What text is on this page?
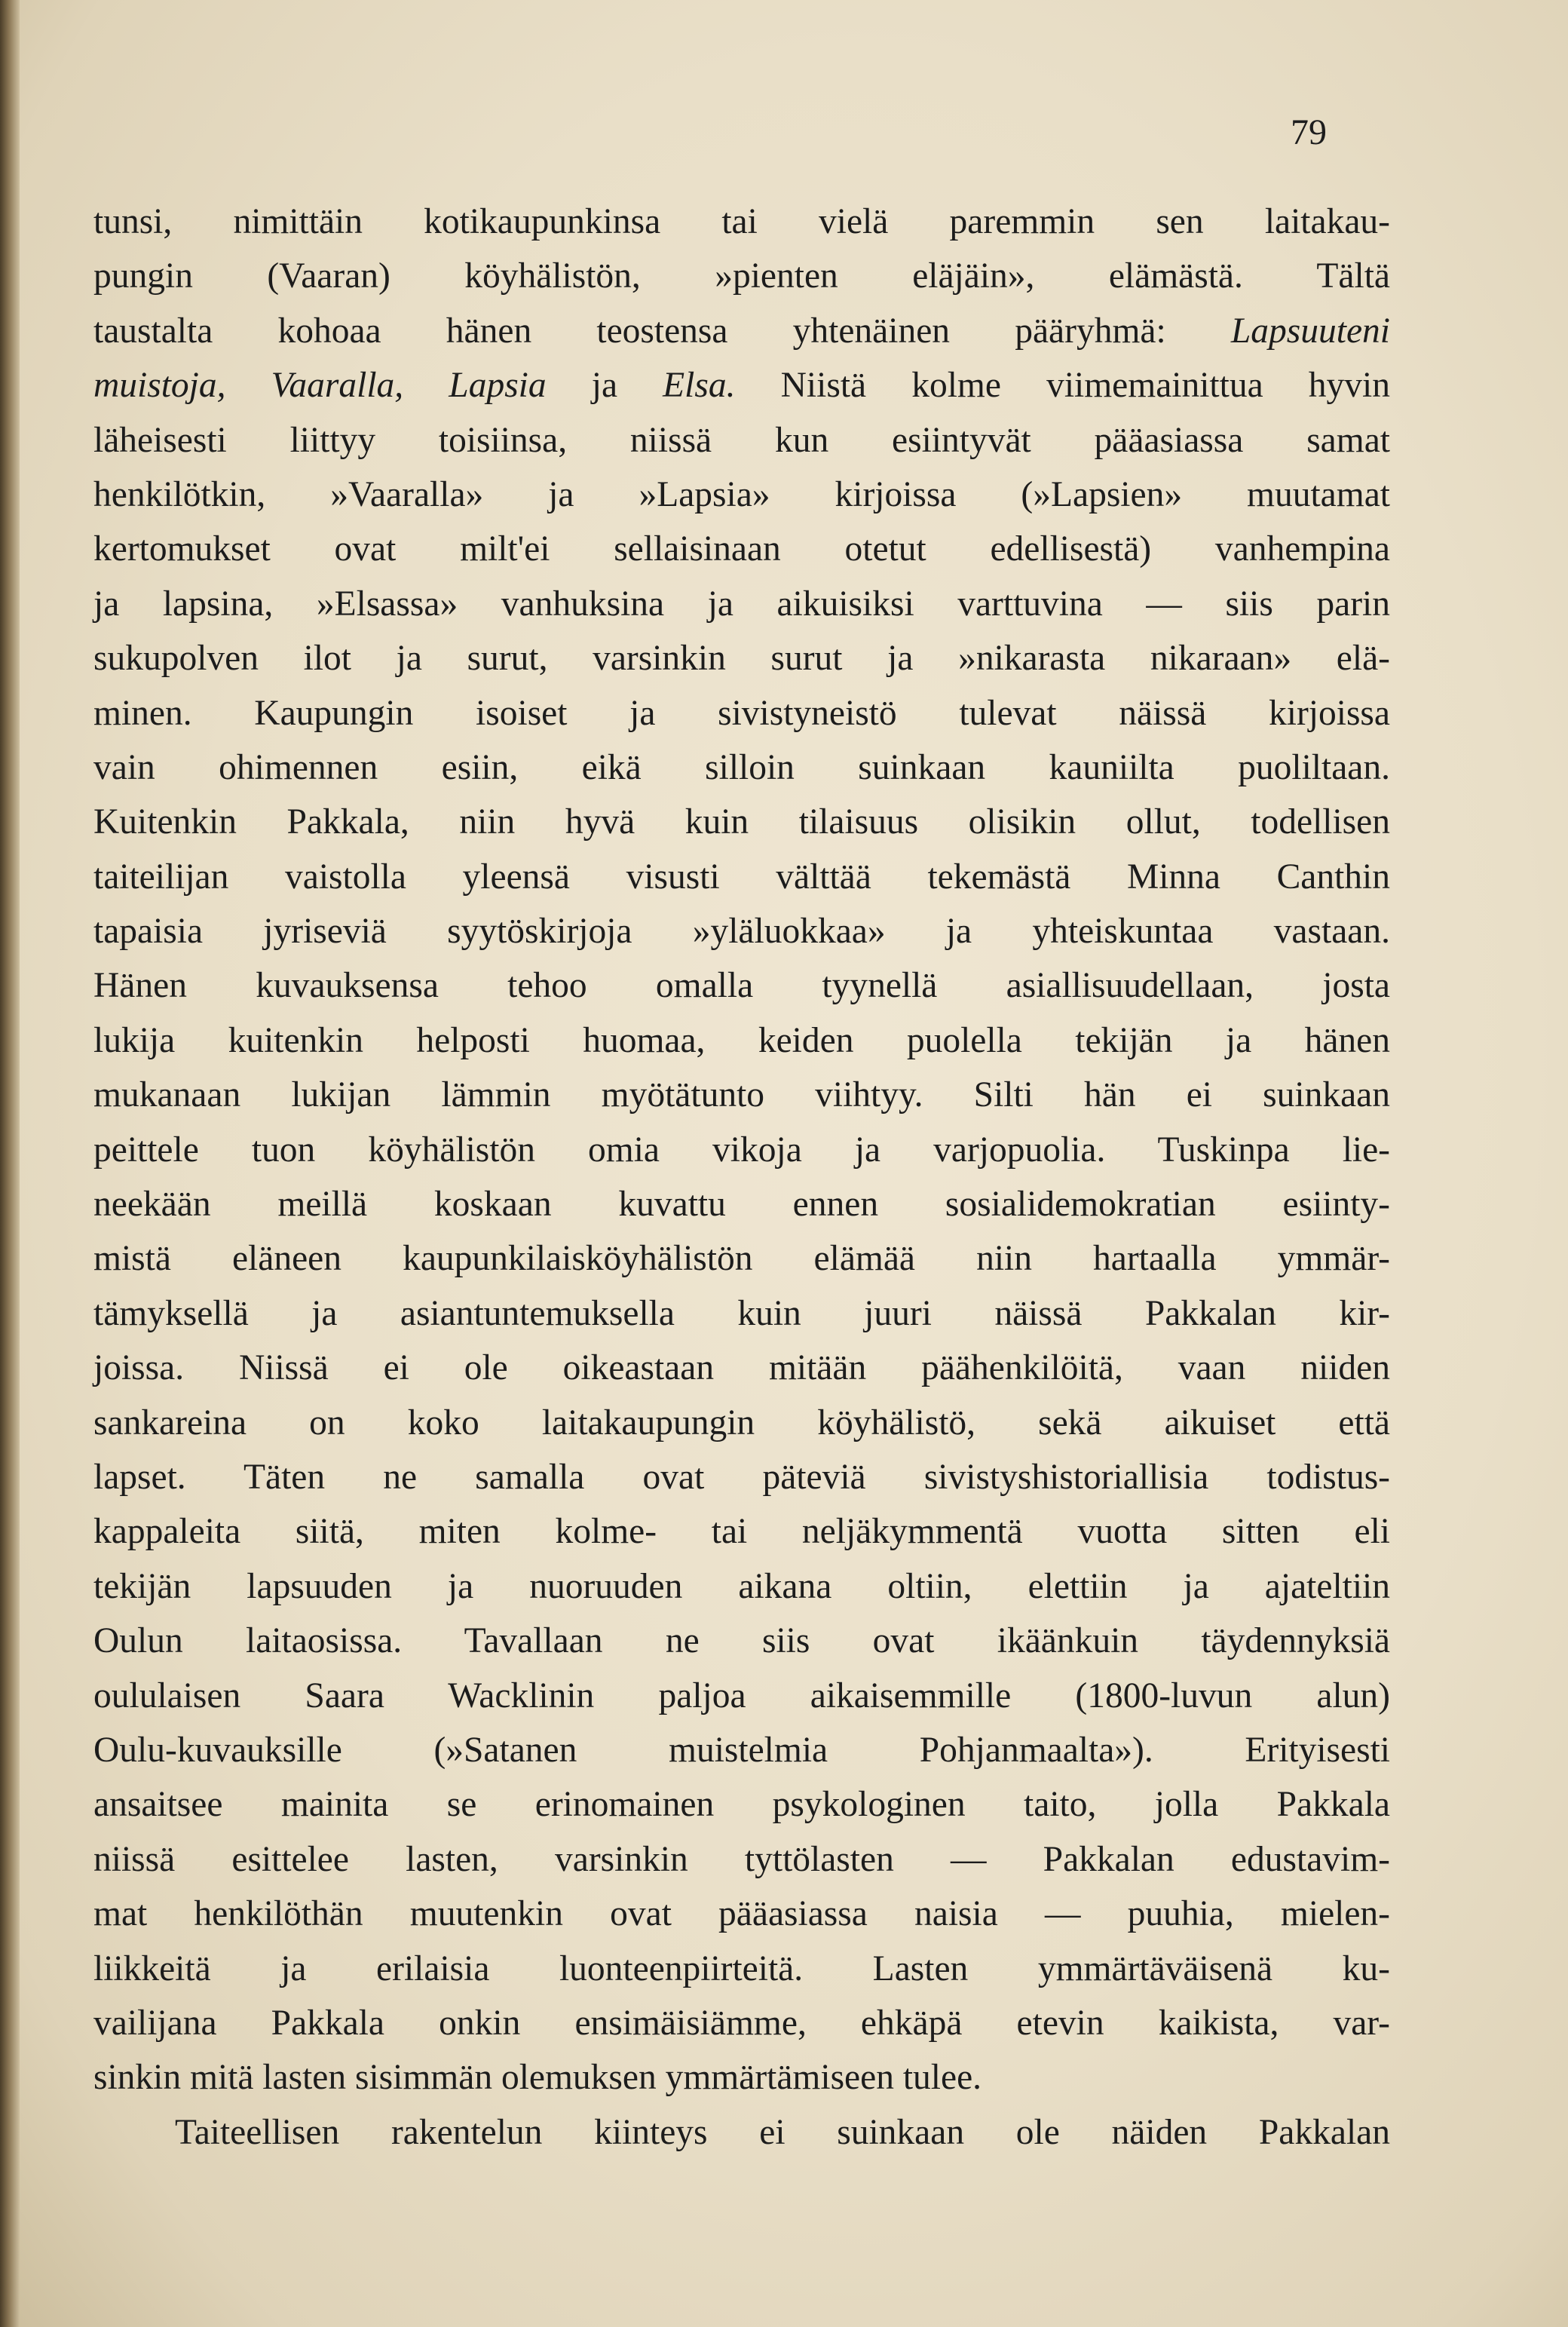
79
tunsi, nimittäin kotikaupunkinsa tai vielä paremmin sen laitakau-
pungin (Vaaran) köyhälistön, »pienten eläjäin», elämästä. Tältä
taustalta kohoaa hänen teostensa yhtenäinen pääryhmä: Lapsuuteni
muistoja, Vaaralla, Lapsia ja Elsa. Niistä kolme viimemainittua hyvin
läheisesti liittyy toisiinsa, niissä kun esiintyvät pääasiassa samat
henkilötkin, »Vaaralla» ja »Lapsia» kirjoissa (»Lapsien» muutamat
kertomukset ovat milt'ei sellaisinaan otetut edellisestä) vanhempina
ja lapsina, »Elsassa» vanhuksina ja aikuisiksi varttuvina — siis parin
sukupolven ilot ja surut, varsinkin surut ja »nikarasta nikaraan» elä-
minen. Kaupungin isoiset ja sivistyneistö tulevat näissä kirjoissa
vain ohimennen esiin, eikä silloin suinkaan kauniilta puoliltaan.
Kuitenkin Pakkala, niin hyvä kuin tilaisuus olisikin ollut, todellisen
taiteilijan vaistolla yleensä visusti välttää tekemästä Minna Canthin
tapaisia jyriseviä syytöskirjoja »yläluokkaa» ja yhteiskuntaa vastaan.
Hänen kuvauksensa tehoo omalla tyynellä asiallisuudellaan, josta
lukija kuitenkin helposti huomaa, keiden puolella tekijän ja hänen
mukanaan lukijan lämmin myötätunto viihtyy. Silti hän ei suinkaan
peittele tuon köyhälistön omia vikoja ja varjopuolia. Tuskinpa lie-
neekään meillä koskaan kuvattu ennen sosialidemokratian esiinty-
mistä eläneen kaupunkilaisköyhälistön elämää niin hartaalla ymmär-
tämyksellä ja asiantuntemuksella kuin juuri näissä Pakkalan kir-
joissa. Niissä ei ole oikeastaan mitään päähenkilöitä, vaan niiden
sankareina on koko laitakaupungin köyhälistö, sekä aikuiset että
lapset. Täten ne samalla ovat päteviä sivistyshistoriallisia todistus-
kappaleita siitä, miten kolme- tai neljäkymmentä vuotta sitten eli
tekijän lapsuuden ja nuoruuden aikana oltiin, elettiin ja ajateltiin
Oulun laitaosissa. Tavallaan ne siis ovat ikäänkuin täydennyksiä
oululaisen Saara Wacklinin paljoa aikaisemmille (1800-luvun alun)
Oulu-kuvauksille (»Satanen muistelmia Pohjanmaalta»). Erityisesti
ansaitsee mainita se erinomainen psykologinen taito, jolla Pakkala
niissä esittelee lasten, varsinkin tyttölasten — Pakkalan edustavim-
mat henkilöthän muutenkin ovat pääasiassa naisia — puuhia, mielen-
liikkeitä ja erilaisia luonteenpiirteitä. Lasten ymmärtäväisenä ku-
vailijana Pakkala onkin ensimäisiämme, ehkäpä etevin kaikista, var-
sinkin mitä lasten sisimmän olemuksen ymmärtämiseen tulee.
Taiteellisen rakentelun kiinteys ei suinkaan ole näiden Pakkalan
